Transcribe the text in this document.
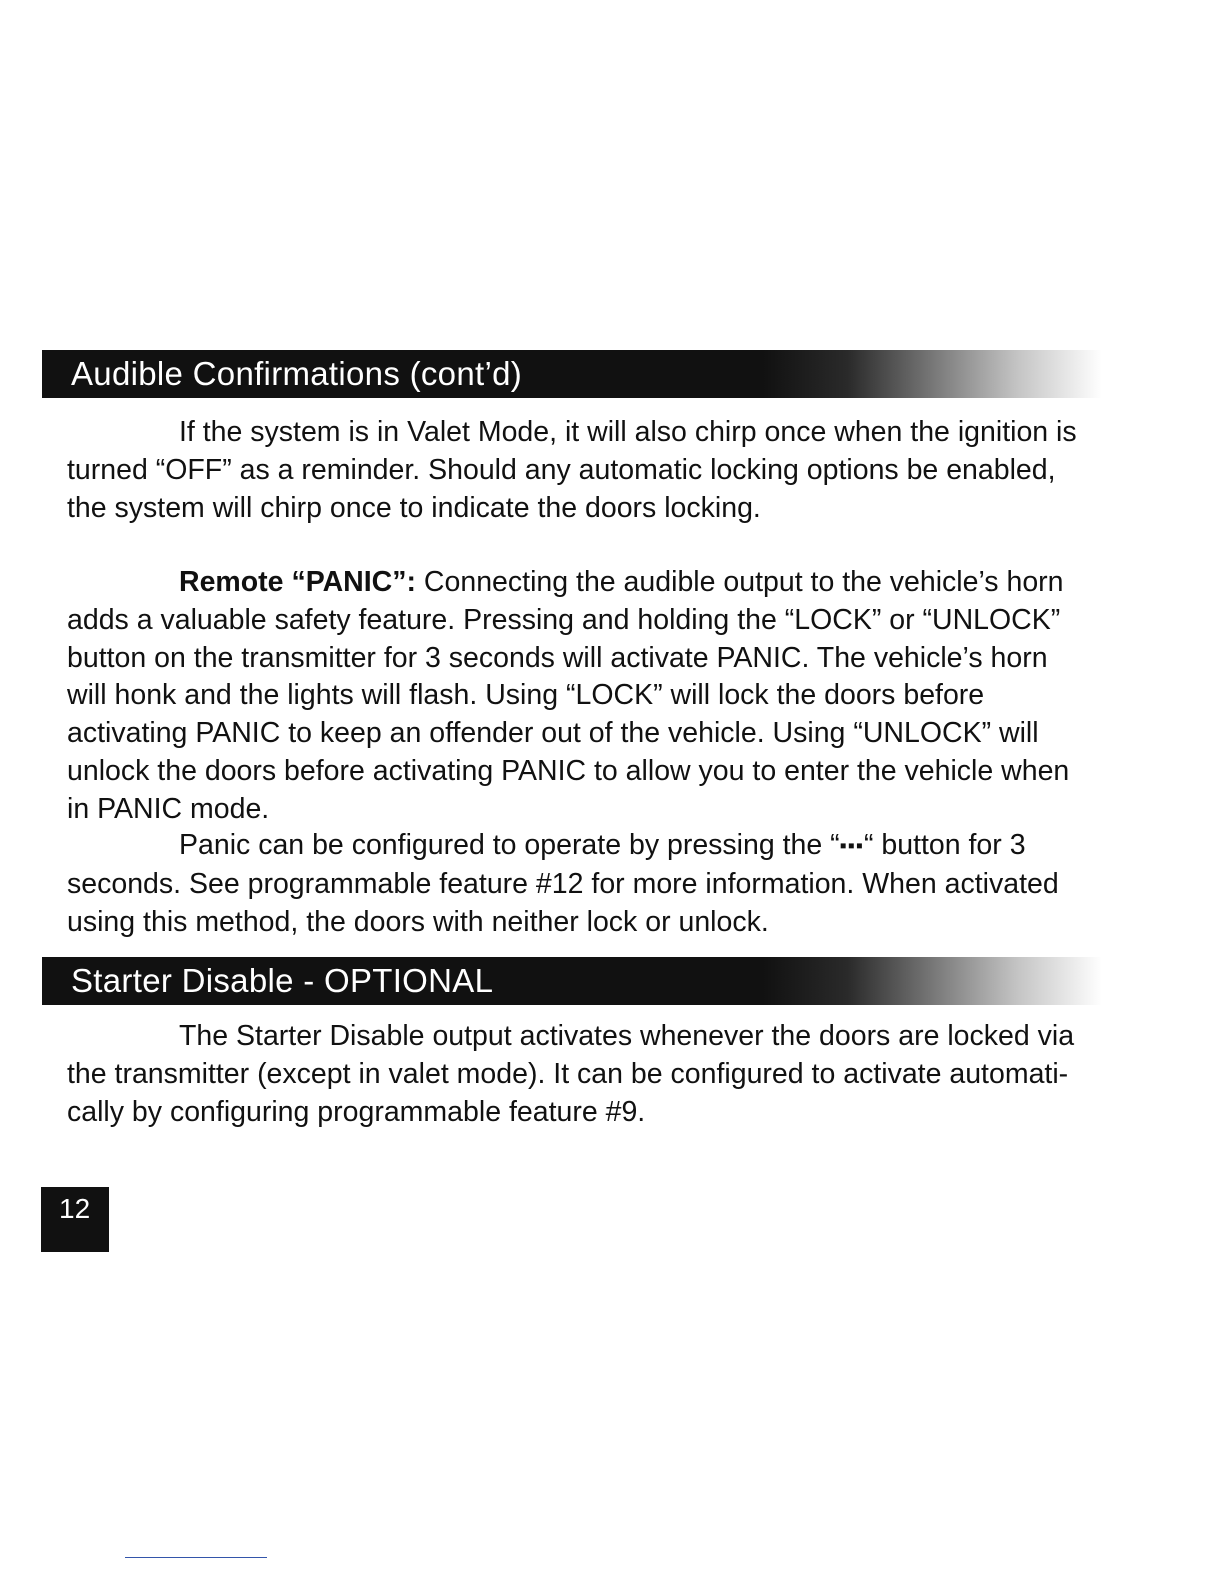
Audible Confirmations (cont’d)

If the system is in Valet Mode, it will also chirp once when the ignition is
turned “OFF” as a reminder. Should any automatic locking options be enabled,
the system will chirp once to indicate the doors locking.

Remote “PANIC”: Connecting the audible output to the vehicle’s horn
adds a valuable safety feature. Pressing and holding the “LOCK” or “UNLOCK”
button on the transmitter for 3 seconds will activate PANIC. The vehicle’s horn
will honk and the lights will flash. Using “LOCK” will lock the doors before
activating PANIC to keep an offender out of the vehicle. Using “UNLOCK” will
unlock the doors before activating PANIC to allow you to enter the vehicle when
in PANIC mode.

Panic can be configured to operate by pressing the “▪▪▪“ button for 3
seconds. See programmable feature #12 for more information. When activated
using this method, the doors with neither lock or unlock.

Starter Disable - OPTIONAL

The Starter Disable output activates whenever the doors are locked via
the transmitter (except in valet mode). It can be configured to activate automati-
cally by configuring programmable feature #9.

12
